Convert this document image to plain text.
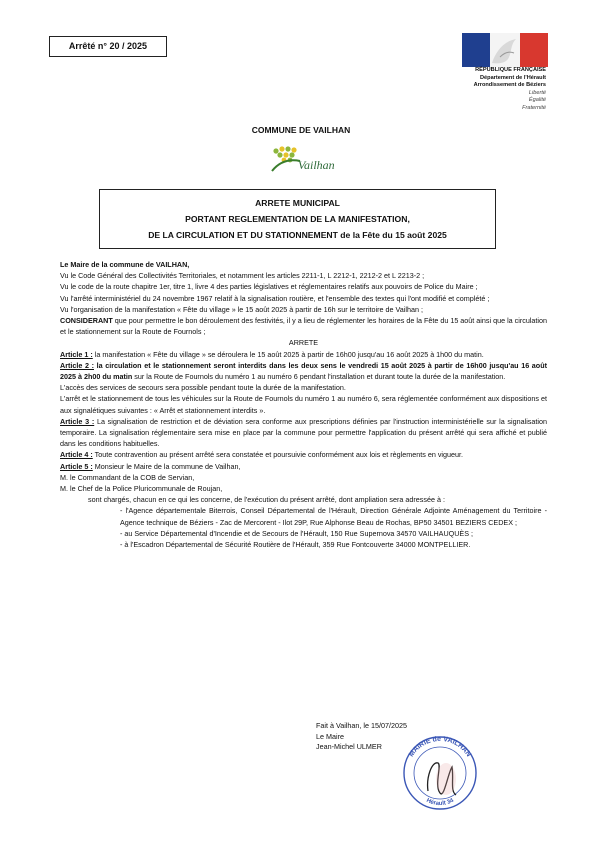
Arrêté n° 20 / 2025
RÉPUBLIQUE FRANÇAISE
Département de l'Hérault
Arrondissement de Béziers
Liberté
Égalité
Fraternité
COMMUNE DE VAILHAN
Vailhan
ARRETE MUNICIPAL
PORTANT REGLEMENTATION DE LA MANIFESTATION,
DE LA CIRCULATION ET DU STATIONNEMENT de la Fête du 15 août 2025

Le Maire de la commune de VAILHAN,

Vu le Code Général des Collectivités Territoriales, et notamment les articles 2211-1, L 2212-1, 2212-2 et L 2213-2 ;

Vu le code de la route chapitre 1er, titre 1, livre 4 des parties législatives et réglementaires relatifs aux pouvoirs de Police du Maire ;

Vu l'arrêté interministériel du 24 novembre 1967 relatif à la signalisation routière, et l'ensemble des textes qui l'ont modifié et complété ;

Vu l'organisation de la manifestation « Fête du village » le 15 août 2025 à partir de 16h sur le territoire de Vailhan ;

CONSIDERANT que pour permettre le bon déroulement des festivités, il y a lieu de réglementer les horaires de la Fête du 15 août ainsi que la circulation et le stationnement sur la Route de Fournols ;

ARRETE

Article 1 : la manifestation « Fête du village » se déroulera le 15 août 2025 à partir de 16h00 jusqu'au 16 août 2025 à 1h00 du matin.

Article 2 : la circulation et le stationnement seront interdits dans les deux sens le vendredi 15 août 2025 à partir de 16h00 jusqu'au 16 août 2025 à 2h00 du matin sur la Route de Fournols du numéro 1 au numéro 6 pendant l'installation et durant toute la durée de la manifestation.

L'accès des services de secours sera possible pendant toute la durée de la manifestation.

L'arrêt et le stationnement de tous les véhicules sur la Route de Fournols du numéro 1 au numéro 6, sera réglementée conformément aux dispositions et aux signalétiques suivantes : « Arrêt et stationnement interdits ».

Article 3 : La signalisation de restriction et de déviation sera conforme aux prescriptions définies par l'instruction interministérielle sur la signalisation temporaire. La signalisation réglementaire sera mise en place par la commune pour permettre l'application du présent arrêté qui sera affiché et publié dans les conditions habituelles.

Article 4 : Toute contravention au présent arrêté sera constatée et poursuivie conformément aux lois et règlements en vigueur.

Article 5 : Monsieur le Maire de la commune de Vailhan,

M. le Commandant de la COB de Servian,

M. le Chef de la Police Pluricommunale de Roujan,

sont chargés, chacun en ce qui les concerne, de l'exécution du présent arrêté, dont ampliation sera adressée à :

- l'Agence départementale Biterrois, Conseil Départemental de l'Hérault, Direction Générale Adjointe Aménagement du Territoire - Agence technique de Béziers - Zac de Mercorent - Ilot 29P, Rue Alphonse Beau de Rochas, BP50 34501 BEZIERS CEDEX ;

- au Service Départemental d'Incendie et de Secours de l'Hérault, 150 Rue Supernova 34570 VAILHAUQUÈS ;

- à l'Escadron Départemental de Sécurité Routière de l'Hérault, 359 Rue Fontcouverte 34000 MONTPELLIER.

Fait à Vailhan, le 15/07/2025
Le Maire
Jean-Michel ULMER
MAIRIE de VAILHAN
Hérault 34
